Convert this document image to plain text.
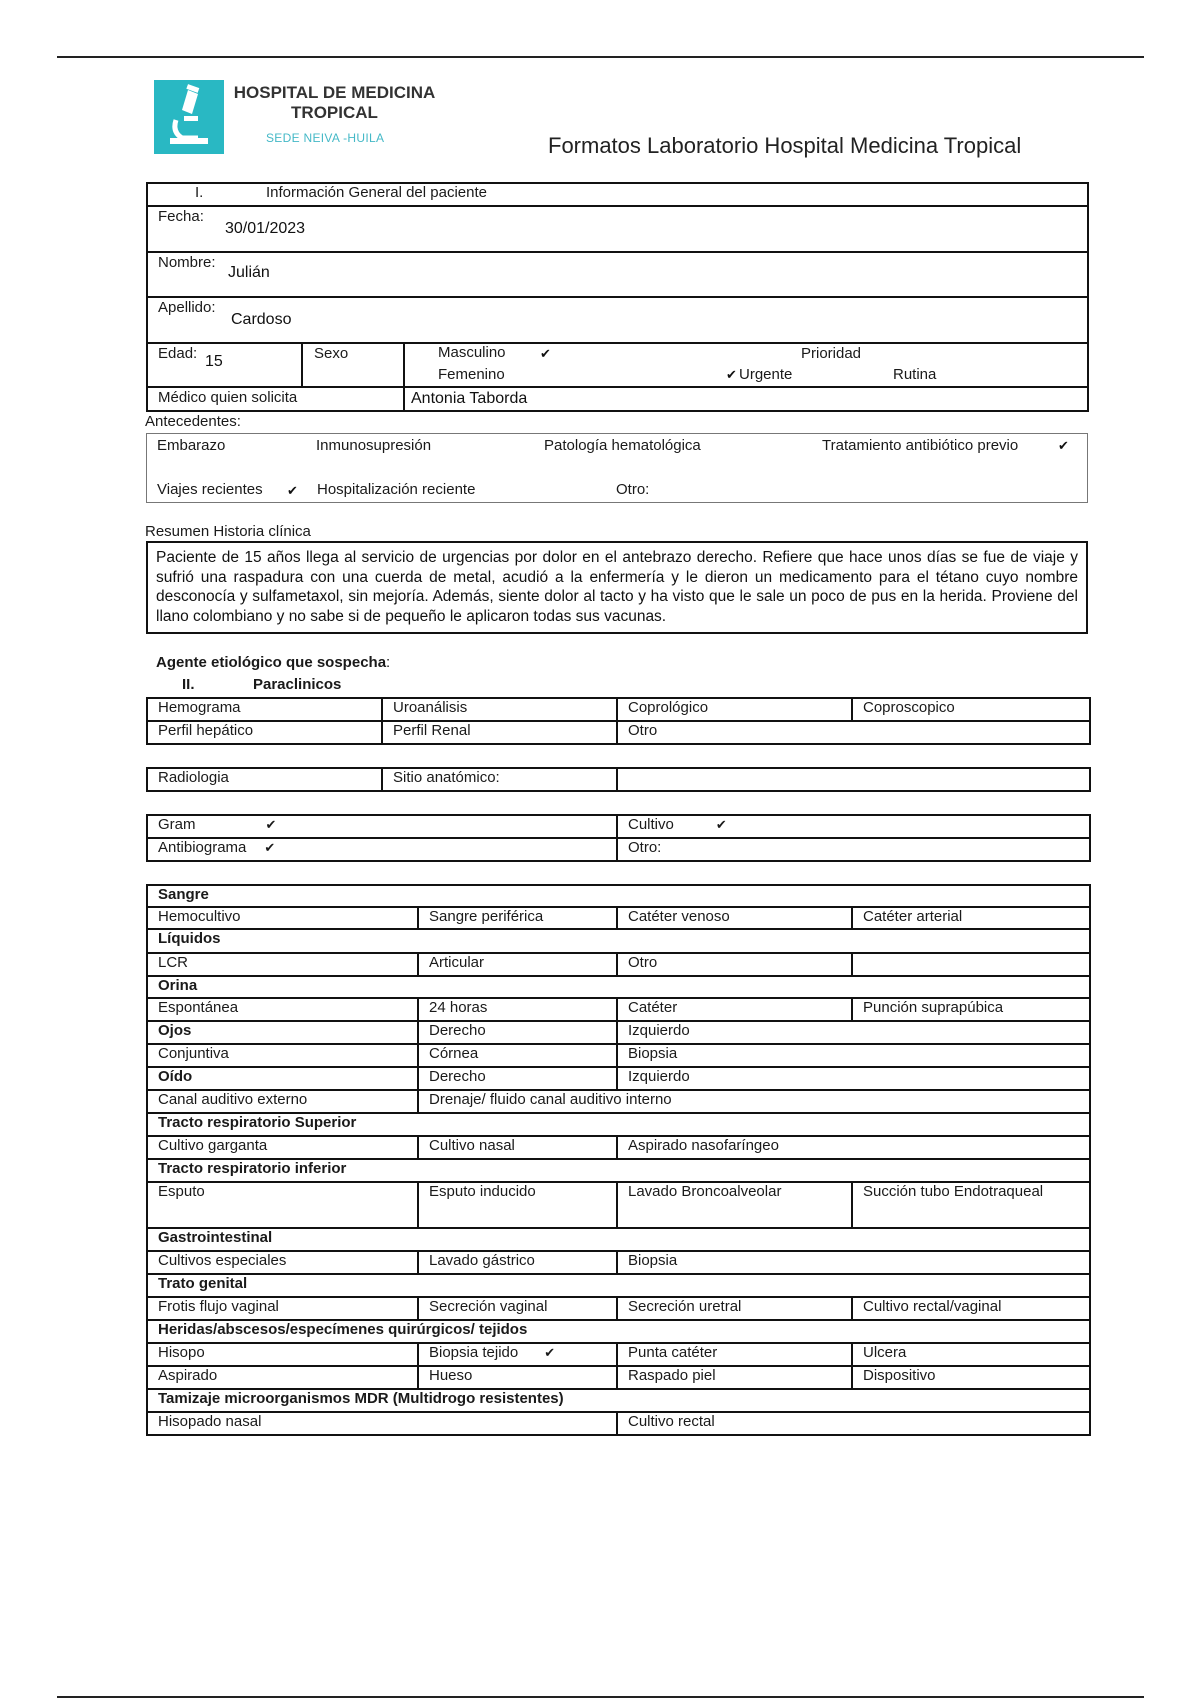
HOSPITAL DE MEDICINA TROPICAL
SEDE NEIVA -HUILA	Formatos Laboratorio Hospital Medicina Tropical
I.	Información General del paciente
Fecha:
30/01/2023
Nombre:
Julián
Apellido:
Cardoso
Edad: 15	Sexo	Masculino	✔
Femenino
Prioridad
✔ Urgente	Rutina
Médico quien solicita	Antonia Taborda
Antecedentes:
Embarazo	Inmunosupresión	Patología hematológica	Tratamiento antibiótico previo	✔
Viajes recientes ✔ Hospitalización reciente	Otro:
Resumen Historia clínica
Paciente de 15 años llega al servicio de urgencias por dolor en el antebrazo derecho. Refiere que hace unos días se fue de viaje y sufrió una raspadura con una cuerda de metal, acudió a la enfermería y le dieron un medicamento para el tétano cuyo nombre desconocía y sulfametaxol, sin mejoría. Además, siente dolor al tacto y ha visto que le sale un poco de pus en la herida. Proviene del llano colombiano y no sabe si de pequeño le aplicaron todas sus vacunas.
Agente etiológico que sospecha:
II.	Paraclinicos
Hemograma	Uroanálisis	Coprológico	Coproscopico
Perfil hepático	Perfil Renal	Otro	
Radiologia	Sitio anatómico:	
Gram ✔	Cultivo ✔
Antibiograma ✔	Otro:
Sangre			
Hemocultivo	Sangre periférica	Catéter venoso	Catéter arterial
Líquidos			
LCR	Articular	Otro	
Orina			
Espontánea	24 horas	Catéter	Punción suprapúbica
Ojos	Derecho	Izquierdo	
Conjuntiva	Córnea	Biopsia	
Oído	Derecho	Izquierdo	
Canal auditivo externo	Drenaje/ fluido canal auditivo interno		
Tracto respiratorio Superior			
Cultivo garganta	Cultivo nasal	Aspirado nasofaríngeo	
Tracto respiratorio inferior			
Esputo	Esputo inducido	Lavado Broncoalveolar	Succión tubo Endotraqueal
Gastrointestinal			
Cultivos especiales	Lavado gástrico	Biopsia	
Trato genital			
Frotis flujo vaginal	Secreción vaginal	Secreción uretral	Cultivo rectal/vaginal
Heridas/abscesos/especímenes quirúrgicos/ tejidos			
Hisopo	Biopsia tejido ✔	Punta catéter	Ulcera
Aspirado	Hueso	Raspado piel	Dispositivo
Tamizaje microorganismos MDR (Multidrogo resistentes)			
Hisopado nasal		Cultivo rectal	
